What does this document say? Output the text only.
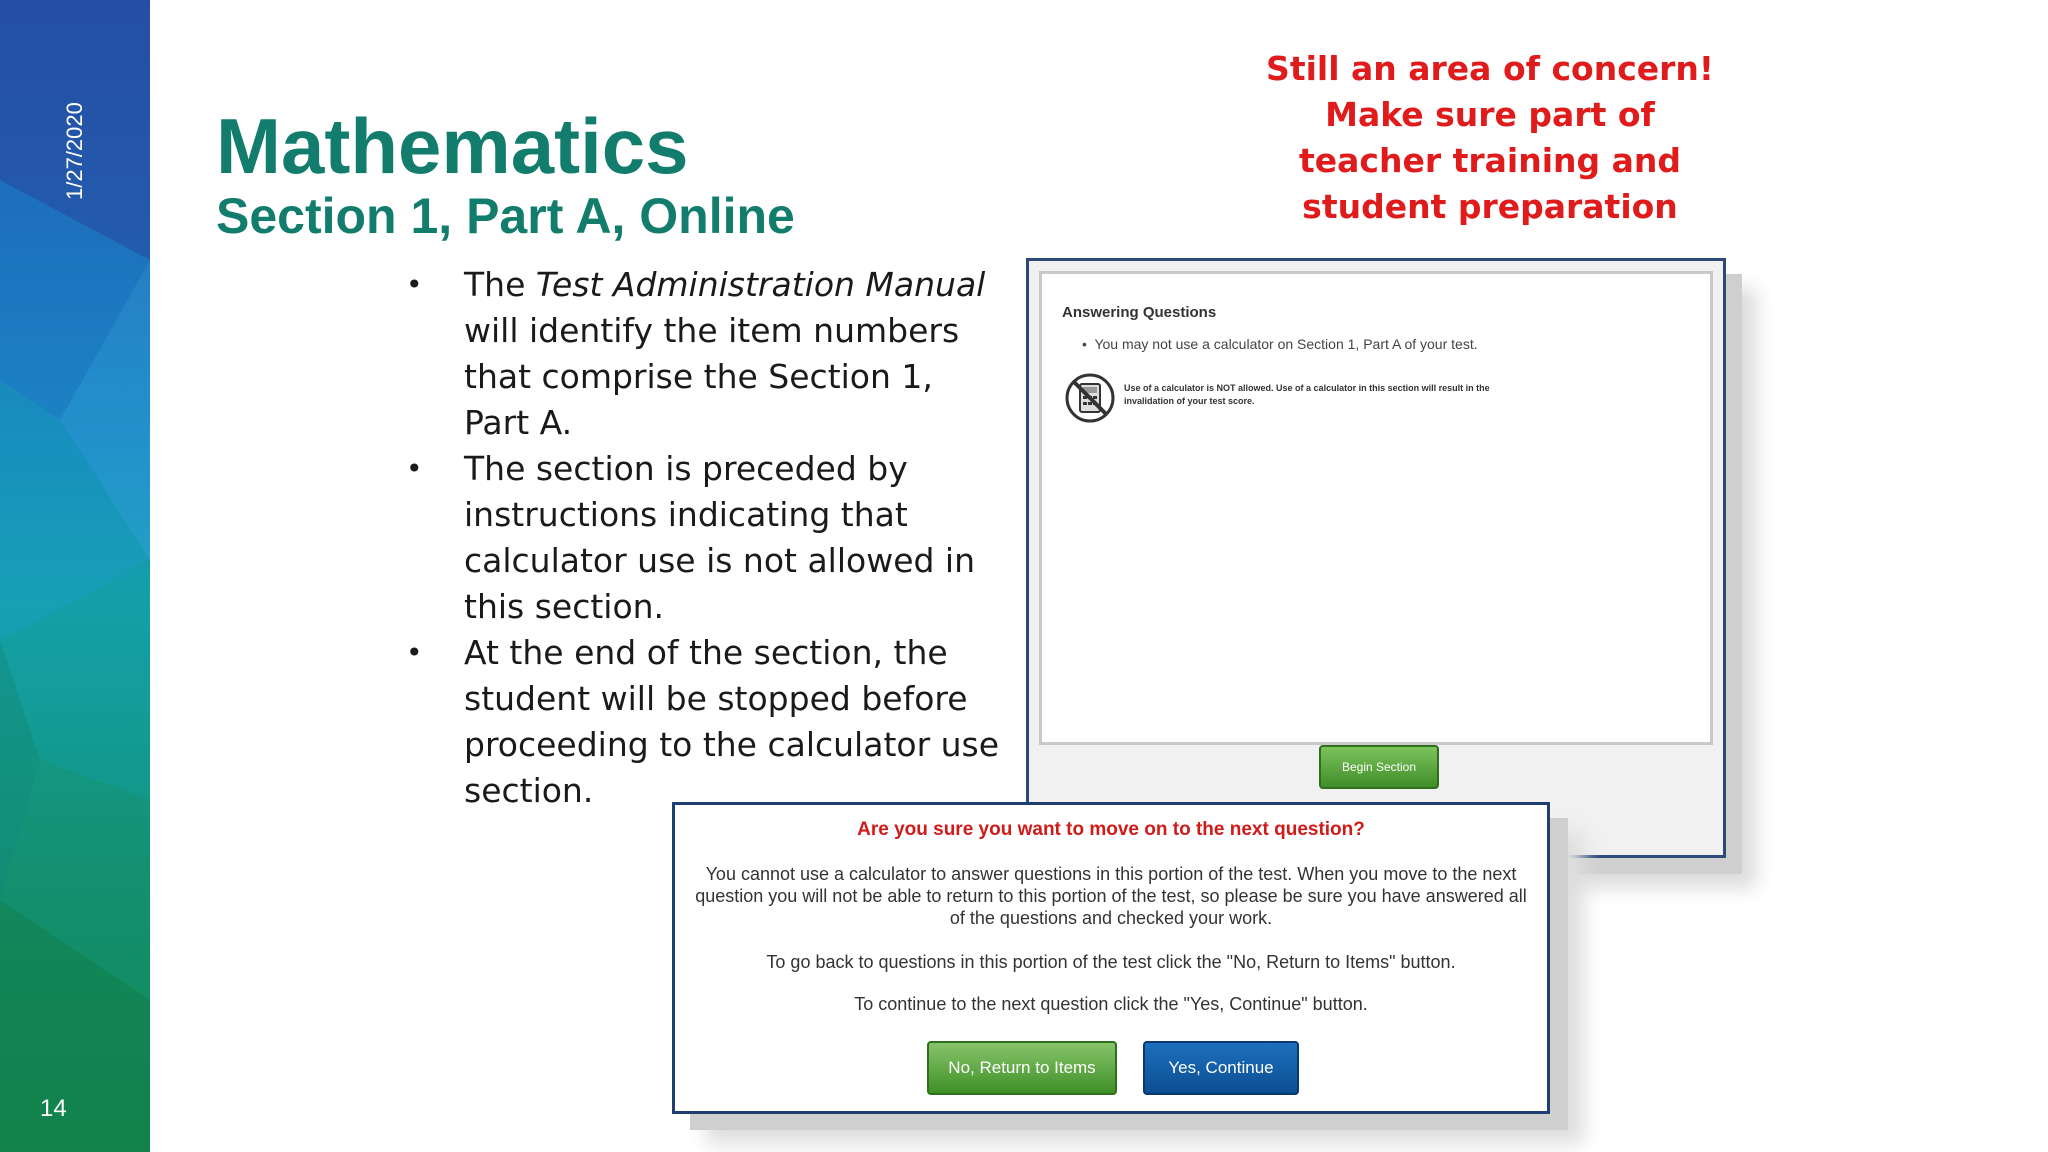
1/27/2020
14
Mathematics
Section 1, Part A, Online
Still an area of concern!
Make sure part of
teacher training and
student preparation
• The Test Administration Manual will identify the item numbers that comprise the Section 1, Part A.
• The section is preceded by instructions indicating that calculator use is not allowed in this section.
• At the end of the section, the student will be stopped before proceeding to the calculator use section.
Answering Questions
•  You may not use a calculator on Section 1, Part A of your test.
Use of a calculator is NOT allowed. Use of a calculator in this section will result in the invalidation of your test score.
Begin Section
Are you sure you want to move on to the next question?
You cannot use a calculator to answer questions in this portion of the test. When you move to the next question you will not be able to return to this portion of the test, so please be sure you have answered all of the questions and checked your work.
To go back to questions in this portion of the test click the "No, Return to Items" button.
To continue to the next question click the "Yes, Continue" button.
No, Return to Items	Yes, Continue
